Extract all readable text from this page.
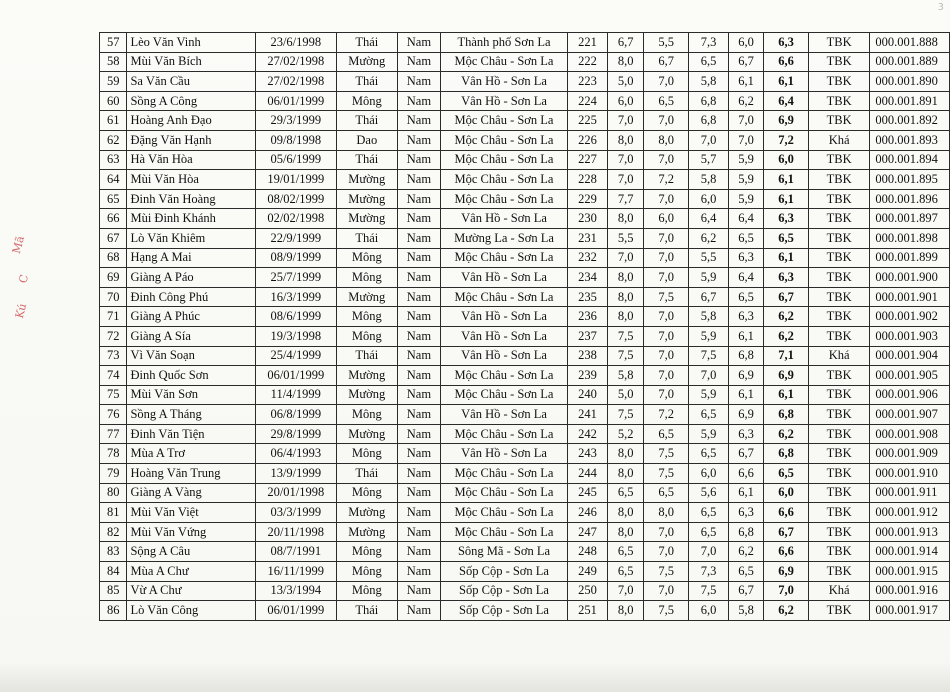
3
Mã
C
Kú
57	Lèo Văn Vinh	23/6/1998	Thái	Nam	Thành phố Sơn La	221	6,7	5,5	7,3	6,0	6,3	TBK	000.001.888
58	Mùi Văn Bích	27/02/1998	Mường	Nam	Mộc Châu - Sơn La	222	8,0	6,7	6,5	6,7	6,6	TBK	000.001.889
59	Sa Văn Cầu	27/02/1998	Thái	Nam	Vân Hồ - Sơn La	223	5,0	7,0	5,8	6,1	6,1	TBK	000.001.890
60	Sồng A Công	06/01/1999	Mông	Nam	Vân Hồ - Sơn La	224	6,0	6,5	6,8	6,2	6,4	TBK	000.001.891
61	Hoàng Anh Đạo	29/3/1999	Thái	Nam	Mộc Châu - Sơn La	225	7,0	7,0	6,8	7,0	6,9	TBK	000.001.892
62	Đặng Văn Hạnh	09/8/1998	Dao	Nam	Mộc Châu - Sơn La	226	8,0	8,0	7,0	7,0	7,2	Khá	000.001.893
63	Hà Văn Hòa	05/6/1999	Thái	Nam	Mộc Châu - Sơn La	227	7,0	7,0	5,7	5,9	6,0	TBK	000.001.894
64	Mùi Văn Hòa	19/01/1999	Mường	Nam	Mộc Châu - Sơn La	228	7,0	7,2	5,8	5,9	6,1	TBK	000.001.895
65	Đinh Văn Hoàng	08/02/1999	Mường	Nam	Mộc Châu - Sơn La	229	7,7	7,0	6,0	5,9	6,1	TBK	000.001.896
66	Mùi Đinh Khánh	02/02/1998	Mường	Nam	Vân Hồ - Sơn La	230	8,0	6,0	6,4	6,4	6,3	TBK	000.001.897
67	Lò Văn Khiêm	22/9/1999	Thái	Nam	Mường La - Sơn La	231	5,5	7,0	6,2	6,5	6,5	TBK	000.001.898
68	Hạng A Mai	08/9/1999	Mông	Nam	Mộc Châu - Sơn La	232	7,0	7,0	5,5	6,3	6,1	TBK	000.001.899
69	Giàng A Páo	25/7/1999	Mông	Nam	Vân Hồ - Sơn La	234	8,0	7,0	5,9	6,4	6,3	TBK	000.001.900
70	Đinh Công Phú	16/3/1999	Mường	Nam	Mộc Châu - Sơn La	235	8,0	7,5	6,7	6,5	6,7	TBK	000.001.901
71	Giàng A Phúc	08/6/1999	Mông	Nam	Vân Hồ - Sơn La	236	8,0	7,0	5,8	6,3	6,2	TBK	000.001.902
72	Giàng A Sía	19/3/1998	Mông	Nam	Vân Hồ - Sơn La	237	7,5	7,0	5,9	6,1	6,2	TBK	000.001.903
73	Vì Văn Soạn	25/4/1999	Thái	Nam	Vân Hồ - Sơn La	238	7,5	7,0	7,5	6,8	7,1	Khá	000.001.904
74	Đinh Quốc Sơn	06/01/1999	Mường	Nam	Mộc Châu - Sơn La	239	5,8	7,0	7,0	6,9	6,9	TBK	000.001.905
75	Mùi Văn Sơn	11/4/1999	Mường	Nam	Mộc Châu - Sơn La	240	5,0	7,0	5,9	6,1	6,1	TBK	000.001.906
76	Sồng A Tháng	06/8/1999	Mông	Nam	Vân Hồ - Sơn La	241	7,5	7,2	6,5	6,9	6,8	TBK	000.001.907
77	Đinh Văn Tiện	29/8/1999	Mường	Nam	Mộc Châu - Sơn La	242	5,2	6,5	5,9	6,3	6,2	TBK	000.001.908
78	Mùa A Trơ	06/4/1993	Mông	Nam	Vân Hồ - Sơn La	243	8,0	7,5	6,5	6,7	6,8	TBK	000.001.909
79	Hoàng Văn Trung	13/9/1999	Thái	Nam	Mộc Châu - Sơn La	244	8,0	7,5	6,0	6,6	6,5	TBK	000.001.910
80	Giàng A Vàng	20/01/1998	Mông	Nam	Mộc Châu - Sơn La	245	6,5	6,5	5,6	6,1	6,0	TBK	000.001.911
81	Mùi Văn Việt	03/3/1999	Mường	Nam	Mộc Châu - Sơn La	246	8,0	8,0	6,5	6,3	6,6	TBK	000.001.912
82	Mùi Văn Vứng	20/11/1998	Mường	Nam	Mộc Châu - Sơn La	247	8,0	7,0	6,5	6,8	6,7	TBK	000.001.913
83	Sộng A Câu	08/7/1991	Mông	Nam	Sông Mã - Sơn La	248	6,5	7,0	7,0	6,2	6,6	TBK	000.001.914
84	Mùa A Chư	16/11/1999	Mông	Nam	Sốp Cộp - Sơn La	249	6,5	7,5	7,3	6,5	6,9	TBK	000.001.915
85	Vừ A Chư	13/3/1994	Mông	Nam	Sốp Cộp - Sơn La	250	7,0	7,0	7,5	6,7	7,0	Khá	000.001.916
86	Lò Văn Công	06/01/1999	Thái	Nam	Sốp Cộp - Sơn La	251	8,0	7,5	6,0	5,8	6,2	TBK	000.001.917
